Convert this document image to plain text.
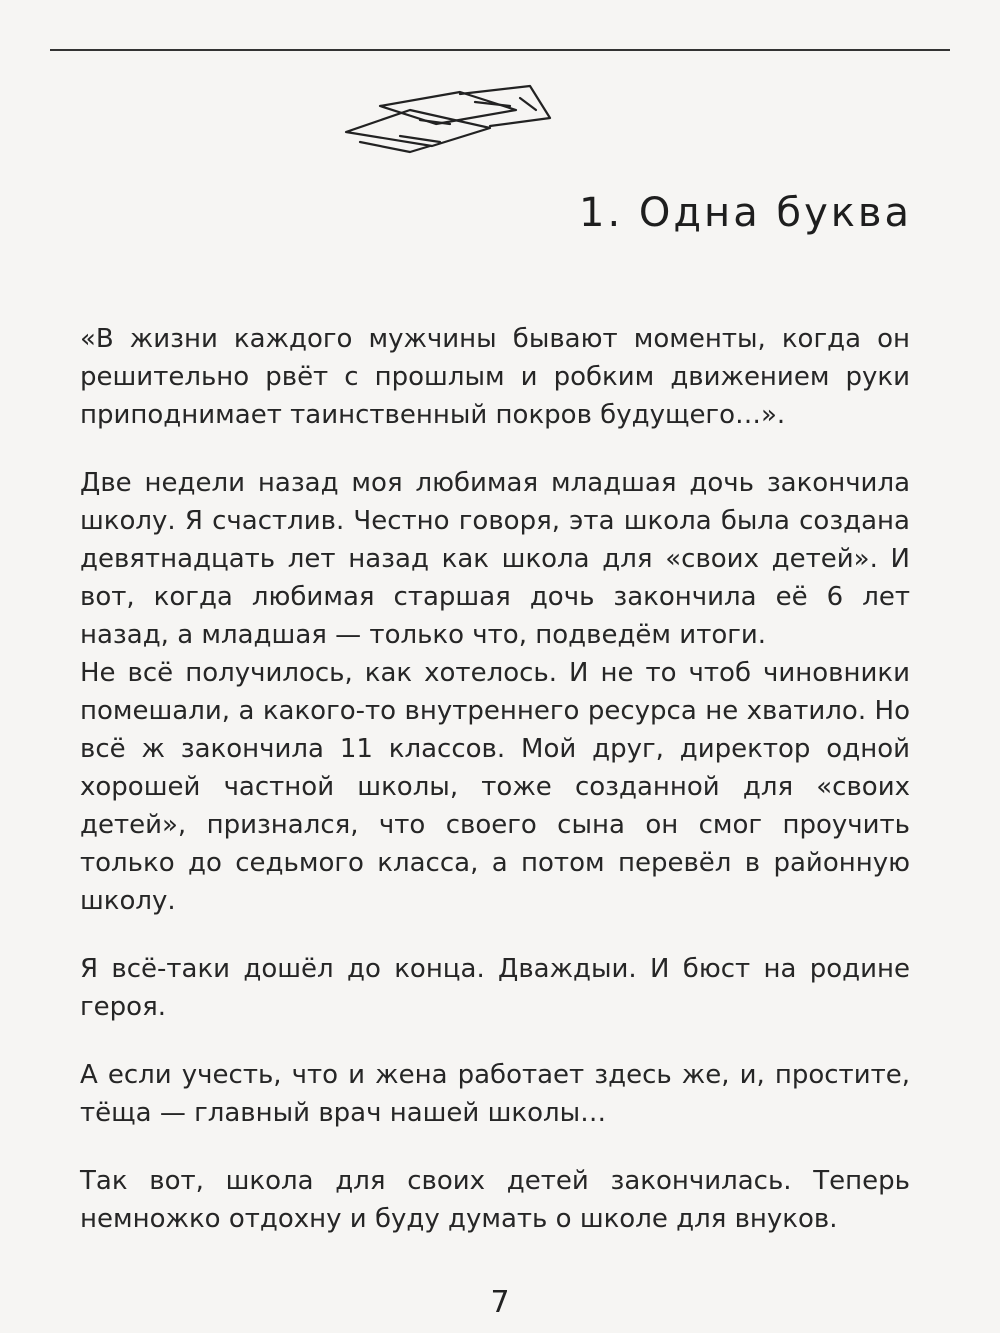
1. Одна буква

«В жизни каждого мужчины бывают моменты, когда он решительно рвёт с прошлым и робким движением руки приподнимает таинственный покров будущего…».

Две недели назад моя любимая младшая дочь закончила школу. Я счастлив. Честно говоря, эта школа была создана девятнадцать лет назад как школа для «своих детей». И вот, когда любимая старшая дочь закончила её 6 лет назад, а младшая — только что, подведём итоги.

Не всё получилось, как хотелось. И не то чтоб чиновники помешали, а какого-то внутреннего ресурса не хватило. Но всё ж закончила 11 классов. Мой друг, директор одной хорошей частной школы, тоже созданной для «своих детей», признался, что своего сына он смог проучить только до седьмого класса, а потом перевёл в районную школу.

Я всё-таки дошёл до конца. Дваждыи. И бюст на родине героя.

А если учесть, что и жена работает здесь же, и, простите, тёща — главный врач нашей школы…

Так вот, школа для своих детей закончилась. Теперь немножко отдохну и буду думать о школе для внуков.

7
